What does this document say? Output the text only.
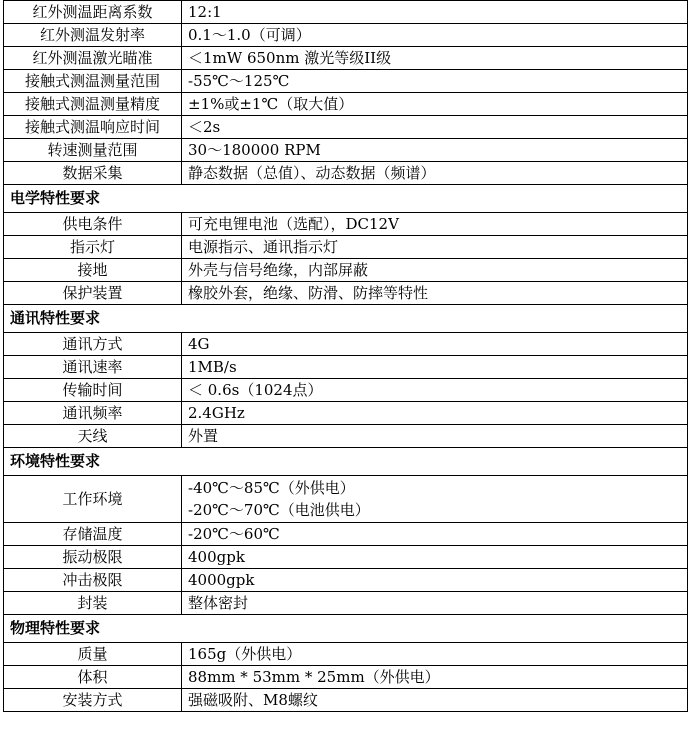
红外测温距离系数	12:1
红外测温发射率	0.1～1.0（可调）
红外测温激光瞄准	＜1mW 650nm 激光等级II级
接触式测温测量范围	-55℃～125℃
接触式测温测量精度	±1%或±1℃（取大值）
接触式测温响应时间	＜2s
转速测量范围	30～180000 RPM
数据采集	静态数据（总值）、动态数据（频谱）
电学特性要求	
供电条件	可充电锂电池（选配），DC12V
指示灯	电源指示、通讯指示灯
接地	外壳与信号绝缘，内部屏蔽
保护装置	橡胶外套，绝缘、防滑、防摔等特性
通讯特性要求	
通讯方式	4G
通讯速率	1MB/s
传输时间	＜ 0.6s（1024点）
通讯频率	2.4GHz
天线	外置
环境特性要求	
工作环境	-40℃～85℃（外供电）
-20℃～70℃（电池供电）

存储温度	-20℃～60℃
振动极限	400gpk
冲击极限	4000gpk
封装	整体密封
物理特性要求	
质量	165g（外供电）
体积	88mm * 53mm * 25mm（外供电）
安装方式	强磁吸附、M8螺纹
